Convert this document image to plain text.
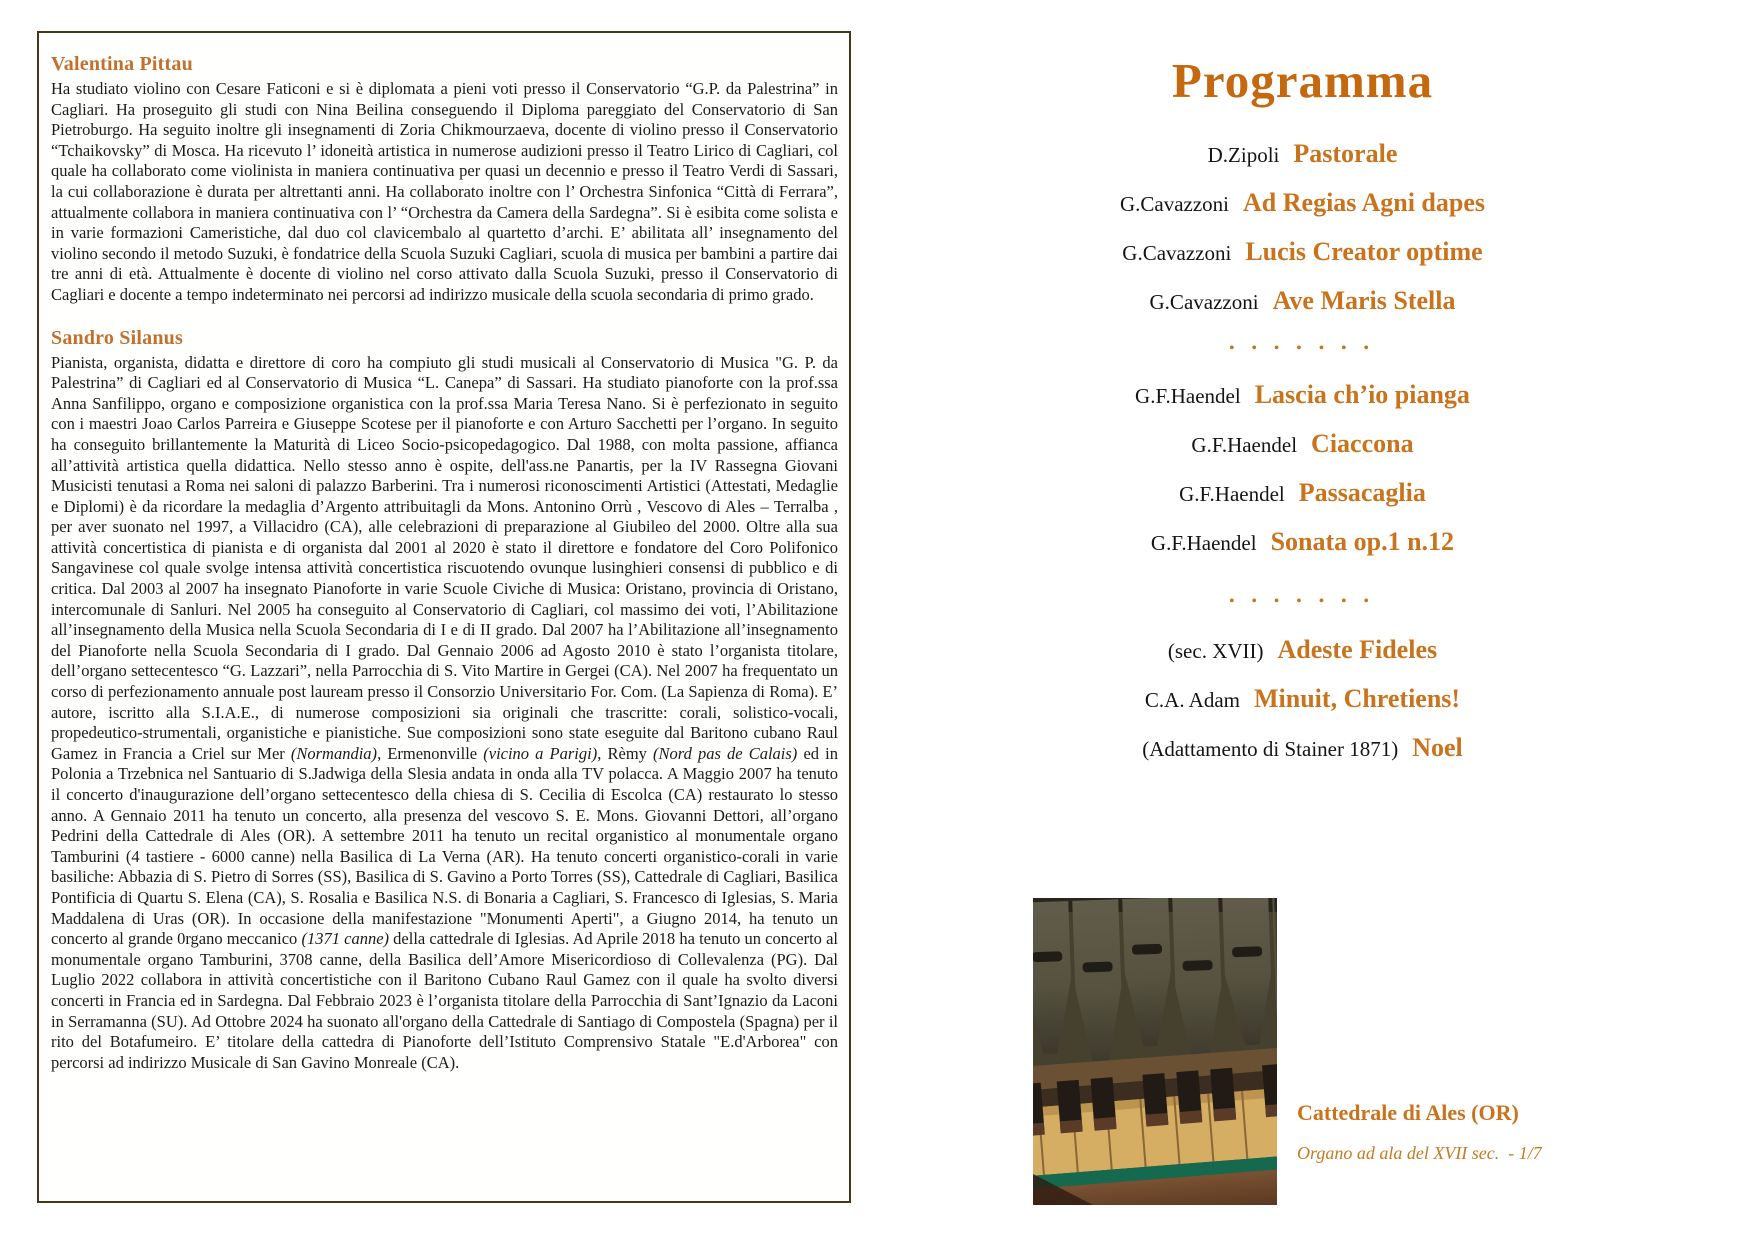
Valentina Pittau

Ha studiato violino con Cesare Faticoni e si è diplomata a pieni voti presso il Conservatorio “G.P. da Palestrina” in Cagliari. Ha proseguito gli studi con Nina Beilina conseguendo il Diploma pareggiato del Conservatorio di San Pietroburgo. Ha seguito inoltre gli insegnamenti di Zoria Chikmourzaeva, docente di violino presso il Conservatorio “Tchaikovsky” di Mosca. Ha ricevuto l’ idoneità artistica in numerose audizioni presso il Teatro Lirico di Cagliari, col quale ha collaborato come violinista in maniera continuativa per quasi un decennio e presso il Teatro Verdi di Sassari, la cui collaborazione è durata per altrettanti anni. Ha collaborato inoltre con l’ Orchestra Sinfonica “Città di Ferrara”, attualmente collabora in maniera continuativa con l’ “Orchestra da Camera della Sardegna”. Si è esibita come solista e in varie formazioni Cameristiche, dal duo col clavicembalo al quartetto d’archi. E’ abilitata all’ insegnamento del violino secondo il metodo Suzuki, è fondatrice della Scuola Suzuki Cagliari, scuola di musica per bambini a partire dai tre anni di età. Attualmente è docente di violino nel corso attivato dalla Scuola Suzuki, presso il Conservatorio di Cagliari e docente a tempo indeterminato nei percorsi ad indirizzo musicale della scuola secondaria di primo grado.

Sandro Silanus

Pianista, organista, didatta e direttore di coro ha compiuto gli studi musicali al Conservatorio di Musica "G. P. da Palestrina” di Cagliari ed al Conservatorio di Musica “L. Canepa” di Sassari. Ha studiato pianoforte con la prof.ssa Anna Sanfilippo, organo e composizione organistica con la prof.ssa Maria Teresa Nano. Si è perfezionato in seguito con i maestri Joao Carlos Parreira e Giuseppe Scotese per il pianoforte e con Arturo Sacchetti per l’organo. In seguito ha conseguito brillantemente la Maturità di Liceo Socio-psicopedagogico. Dal 1988, con molta passione, affianca all’attività artistica quella didattica. Nello stesso anno è ospite, dell'ass.ne Panartis, per la IV Rassegna Giovani Musicisti tenutasi a Roma nei saloni di palazzo Barberini. Tra i numerosi riconoscimenti Artistici (Attestati, Medaglie e Diplomi) è da ricordare la medaglia d’Argento attribuitagli da Mons. Antonino Orrù , Vescovo di Ales – Terralba , per aver suonato nel 1997, a Villacidro (CA), alle celebrazioni di preparazione al Giubileo del 2000. Oltre alla sua attività concertistica di pianista e di organista dal 2001 al 2020 è stato il direttore e fondatore del Coro Polifonico Sangavinese col quale svolge intensa attività concertistica riscuotendo ovunque lusinghieri consensi di pubblico e di critica. Dal 2003 al 2007 ha insegnato Pianoforte in varie Scuole Civiche di Musica: Oristano, provincia di Oristano, intercomunale di Sanluri. Nel 2005 ha conseguito al Conservatorio di Cagliari, col massimo dei voti, l’Abilitazione all’insegnamento della Musica nella Scuola Secondaria di I e di II grado. Dal 2007 ha l’Abilitazione all’insegnamento del Pianoforte nella Scuola Secondaria di I grado. Dal Gennaio 2006 ad Agosto 2010 è stato l’organista titolare, dell’organo settecentesco “G. Lazzari”, nella Parrocchia di S. Vito Martire in Gergei (CA). Nel 2007 ha frequentato un corso di perfezionamento annuale post lauream presso il Consorzio Universitario For. Com. (La Sapienza di Roma). E’ autore, iscritto alla S.I.A.E., di numerose composizioni sia originali che trascritte: corali, solistico-vocali, propedeutico-strumentali, organistiche e pianistiche. Sue composizioni sono state eseguite dal Baritono cubano Raul Gamez in Francia a Criel sur Mer (Normandia), Ermenonville (vicino a Parigi), Rèmy (Nord pas de Calais) ed in Polonia a Trzebnica nel Santuario di S.Jadwiga della Slesia andata in onda alla TV polacca. A Maggio 2007 ha tenuto il concerto d'inaugurazione dell’organo settecentesco della chiesa di S. Cecilia di Escolca (CA) restaurato lo stesso anno. A Gennaio 2011 ha tenuto un concerto, alla presenza del vescovo S. E. Mons. Giovanni Dettori, all’organo Pedrini della Cattedrale di Ales (OR). A settembre 2011 ha tenuto un recital organistico al monumentale organo Tamburini (4 tastiere - 6000 canne) nella Basilica di La Verna (AR). Ha tenuto concerti organistico-corali in varie basiliche: Abbazia di S. Pietro di Sorres (SS), Basilica di S. Gavino a Porto Torres (SS), Cattedrale di Cagliari, Basilica Pontificia di Quartu S. Elena (CA), S. Rosalia e Basilica N.S. di Bonaria a Cagliari, S. Francesco di Iglesias, S. Maria Maddalena di Uras (OR). In occasione della manifestazione "Monumenti Aperti", a Giugno 2014, ha tenuto un concerto al grande 0rgano meccanico (1371 canne) della cattedrale di Iglesias. Ad Aprile 2018 ha tenuto un concerto al monumentale organo Tamburini, 3708 canne, della Basilica dell’Amore Misericordioso di Collevalenza (PG). Dal Luglio 2022 collabora in attività concertistiche con il Baritono Cubano Raul Gamez con il quale ha svolto diversi concerti in Francia ed in Sardegna. Dal Febbraio 2023 è l’organista titolare della Parrocchia di Sant’Ignazio da Laconi in Serramanna (SU). Ad Ottobre 2024 ha suonato all'organo della Cattedrale di Santiago di Compostela (Spagna) per il rito del Botafumeiro. E’ titolare della cattedra di Pianoforte dell’Istituto Comprensivo Statale "E.d'Arborea" con percorsi ad indirizzo Musicale di San Gavino Monreale (CA).

Programma
D.Zipoli Pastorale
G.Cavazzoni Ad Regias Agni dapes
G.Cavazzoni Lucis Creator optime
G.Cavazzoni Ave Maris Stella
• • • • • • •
G.F.Haendel Lascia ch’io pianga
G.F.Haendel Ciaccona
G.F.Haendel Passacaglia
G.F.Haendel Sonata op.1 n.12
• • • • • • •
(sec. XVII) Adeste Fideles
C.A. Adam Minuit, Chretiens!
(Adattamento di Stainer 1871) Noel
Cattedrale di Ales (OR)
Organo ad ala del XVII sec.  - 1/7
